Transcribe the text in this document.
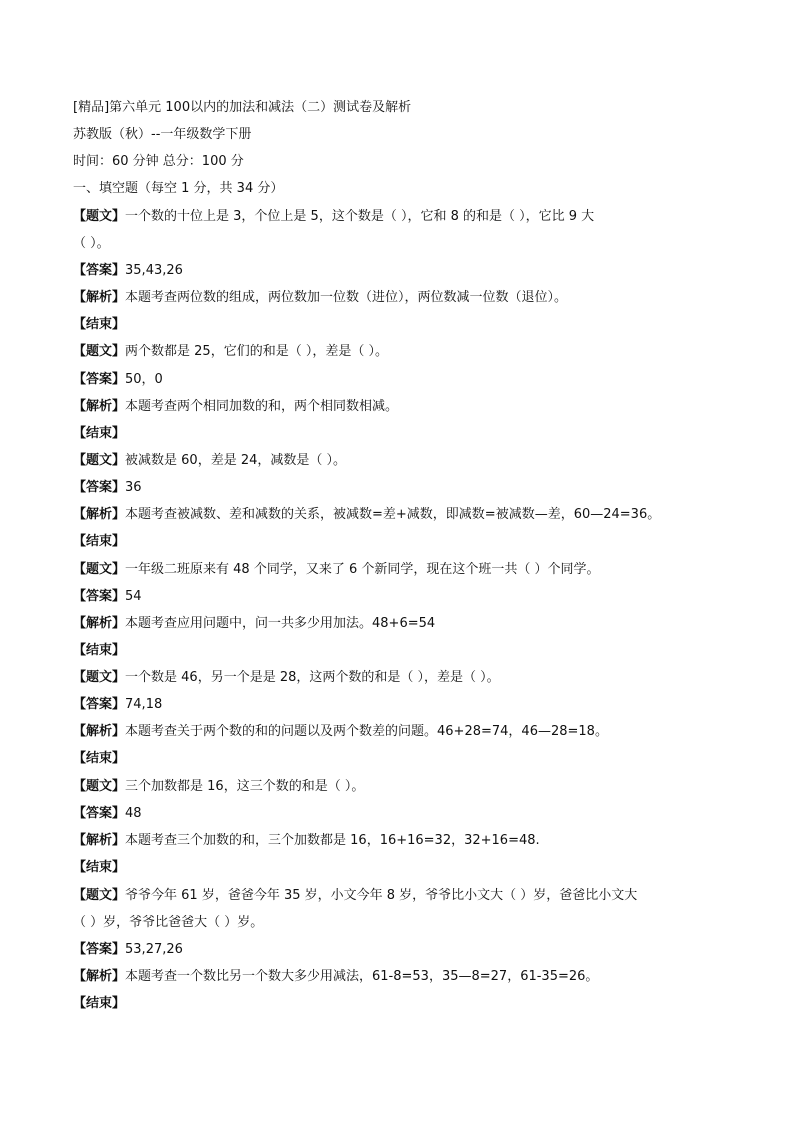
[精品]第六单元 100以内的加法和减法（二）测试卷及解析
苏教版（秋）--一年级数学下册
时间：60 分钟 总分：100 分
一、填空题（每空 1 分，共 34 分）
【题文】一个数的十位上是 3，个位上是 5，这个数是（ ），它和 8 的和是（ ），它比 9 大
（ ）。
【答案】35,43,26
【解析】本题考查两位数的组成，两位数加一位数（进位），两位数减一位数（退位）。
【结束】
【题文】两个数都是 25，它们的和是（ ），差是（ ）。
【答案】50，0
【解析】本题考查两个相同加数的和，两个相同数相减。
【结束】
【题文】被减数是 60，差是 24，减数是（ ）。
【答案】36
【解析】本题考查被减数、差和减数的关系，被减数=差+减数，即减数=被减数—差，60—24=36。
【结束】
【题文】一年级二班原来有 48 个同学，又来了 6 个新同学，现在这个班一共（ ）个同学。
【答案】54
【解析】本题考查应用问题中，问一共多少用加法。48+6=54
【结束】
【题文】一个数是 46，另一个是是 28，这两个数的和是（ ），差是（ ）。
【答案】74,18
【解析】本题考查关于两个数的和的问题以及两个数差的问题。46+28=74，46—28=18。
【结束】
【题文】三个加数都是 16，这三个数的和是（ ）。
【答案】48
【解析】本题考查三个加数的和，三个加数都是 16，16+16=32，32+16=48.
【结束】
【题文】爷爷今年 61 岁，爸爸今年 35 岁，小文今年 8 岁，爷爷比小文大（ ）岁，爸爸比小文大
（ ）岁，爷爷比爸爸大（ ）岁。
【答案】53,27,26
【解析】本题考查一个数比另一个数大多少用减法，61-8=53，35—8=27，61-35=26。
【结束】
